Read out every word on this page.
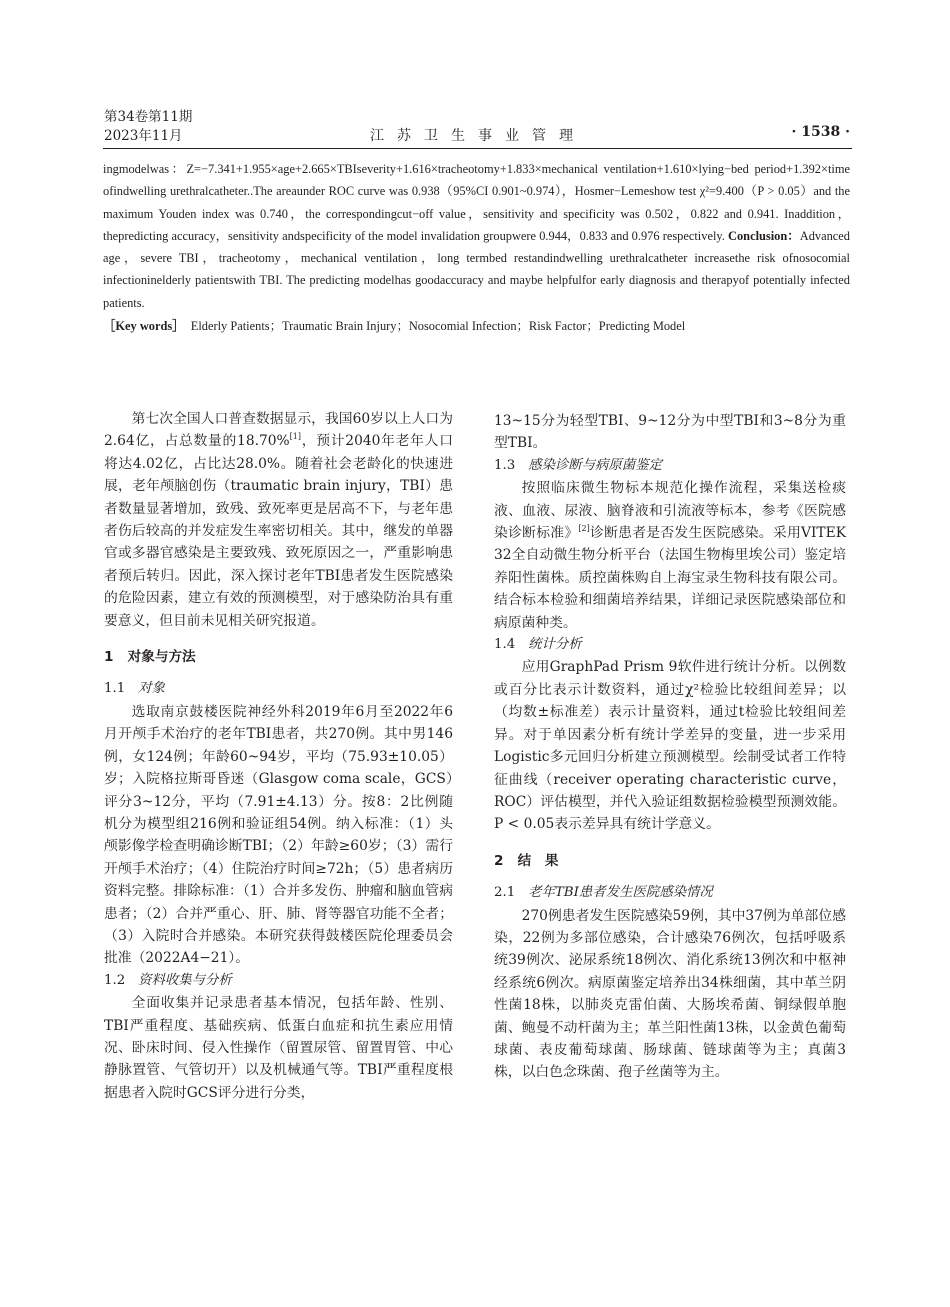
第34卷第11期
2023年11月	江苏卫生事业管理	· 1538 ·

ingmodelwas：Z=−7.341+1.955×age+2.665×TBIseverity+1.616×tracheotomy+1.833×mechanical ventilation+1.610×lying−bed period+1.392×time ofindwelling urethralcatheter..The areaunder ROC curve was 0.938（95%CI 0.901~0.974），Hosmer−Lemeshow test χ²=9.400（P > 0.05）and the maximum Youden index was 0.740，the correspondingcut−off value，sensitivity and specificity was 0.502，0.822 and 0.941. Inaddition，thepredicting accuracy，sensitivity andspecificity of the model invalidation groupwere 0.944，0.833 and 0.976 respectively. Conclusion：Advanced age，severe TBI，tracheotomy，mechanical ventilation，long termbed restandindwelling urethralcatheter increasethe risk ofnosocomial infectioninelderly patientswith TBI. The predicting modelhas goodaccuracy and maybe helpfulfor early diagnosis and therapyof potentially infected patients.

［Key words］ Elderly Patients；Traumatic Brain Injury；Nosocomial Infection；Risk Factor；Predicting Model

第七次全国人口普查数据显示，我国60岁以上人口为2.64亿，占总数量的18.70%[1]，预计2040年老年人口将达4.02亿，占比达28.0%。随着社会老龄化的快速进展，老年颅脑创伤（traumatic brain injury，TBI）患者数量显著增加，致残、致死率更是居高不下，与老年患者伤后较高的并发症发生率密切相关。其中，继发的单器官或多器官感染是主要致残、致死原因之一，严重影响患者预后转归。因此，深入探讨老年TBI患者发生医院感染的危险因素，建立有效的预测模型，对于感染防治具有重要意义，但目前未见相关研究报道。

1 对象与方法

1.1 对象

选取南京鼓楼医院神经外科2019年6月至2022年6月开颅手术治疗的老年TBI患者，共270例。其中男146例，女124例；年龄60~94岁，平均（75.93±10.05）岁；入院格拉斯哥昏迷（Glasgow coma scale，GCS）评分3~12分，平均（7.91±4.13）分。按8：2比例随机分为模型组216例和验证组54例。纳入标准：（1）头颅影像学检查明确诊断TBI；（2）年龄≥60岁；（3）需行开颅手术治疗；（4）住院治疗时间≥72h；（5）患者病历资料完整。排除标准：（1）合并多发伤、肿瘤和脑血管病患者；（2）合并严重心、肝、肺、肾等器官功能不全者；（3）入院时合并感染。本研究获得鼓楼医院伦理委员会批准（2022A4−21）。

1.2 资料收集与分析

全面收集并记录患者基本情况，包括年龄、性别、TBI严重程度、基础疾病、低蛋白血症和抗生素应用情况、卧床时间、侵入性操作（留置尿管、留置胃管、中心静脉置管、气管切开）以及机械通气等。TBI严重程度根据患者入院时GCS评分进行分类，

13~15分为轻型TBI、9~12分为中型TBI和3~8分为重型TBI。

1.3 感染诊断与病原菌鉴定

按照临床微生物标本规范化操作流程，采集送检痰液、血液、尿液、脑脊液和引流液等标本，参考《医院感染诊断标准》[2]诊断患者是否发生医院感染。采用VITEK 32全自动微生物分析平台（法国生物梅里埃公司）鉴定培养阳性菌株。质控菌株购自上海宝录生物科技有限公司。结合标本检验和细菌培养结果，详细记录医院感染部位和病原菌种类。

1.4 统计分析

应用GraphPad Prism 9软件进行统计分析。以例数或百分比表示计数资料，通过χ²检验比较组间差异；以（均数±标准差）表示计量资料，通过t检验比较组间差异。对于单因素分析有统计学差异的变量，进一步采用Logistic多元回归分析建立预测模型。绘制受试者工作特征曲线（receiver operating characteristic curve，ROC）评估模型，并代入验证组数据检验模型预测效能。P < 0.05表示差异具有统计学意义。

2 结　果

2.1 老年TBI患者发生医院感染情况

270例患者发生医院感染59例，其中37例为单部位感染，22例为多部位感染，合计感染76例次，包括呼吸系统39例次、泌尿系统18例次、消化系统13例次和中枢神经系统6例次。病原菌鉴定培养出34株细菌，其中革兰阴性菌18株，以肺炎克雷伯菌、大肠埃希菌、铜绿假单胞菌、鲍曼不动杆菌为主；革兰阳性菌13株，以金黄色葡萄球菌、表皮葡萄球菌、肠球菌、链球菌等为主；真菌3株，以白色念珠菌、孢子丝菌等为主。
